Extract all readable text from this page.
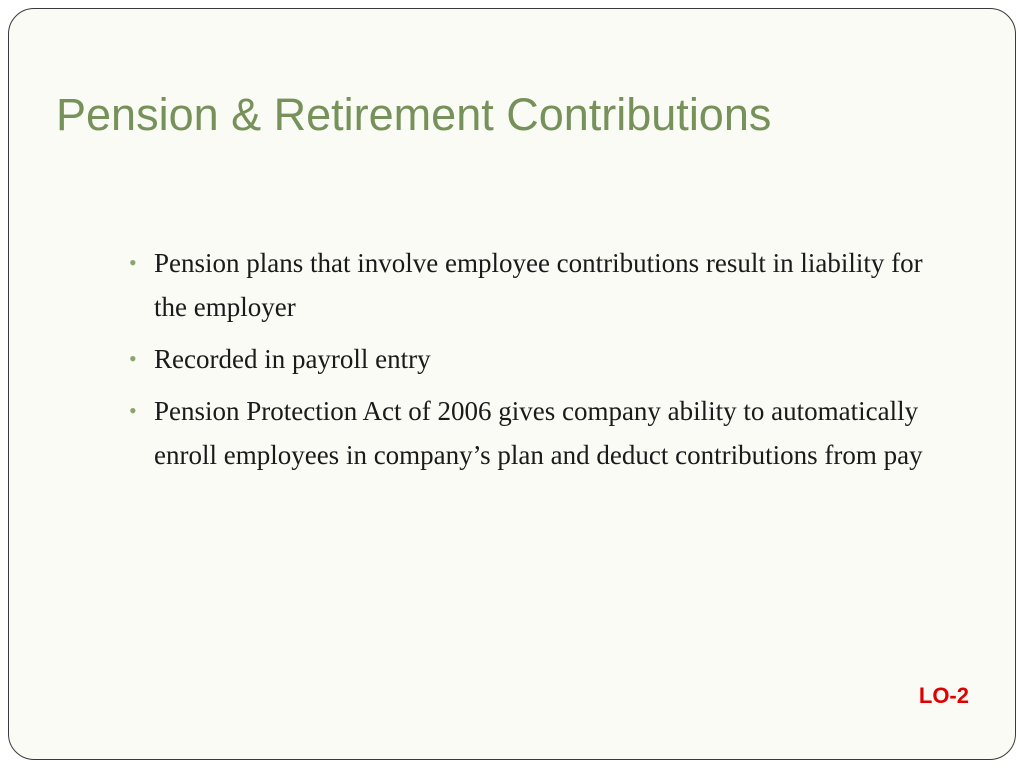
Pension & Retirement Contributions
• Pension plans that involve employee contributions result in liability for the employer
• Recorded in payroll entry
• Pension Protection Act of 2006 gives company ability to automatically enroll employees in company’s plan and deduct contributions from pay
LO-2
